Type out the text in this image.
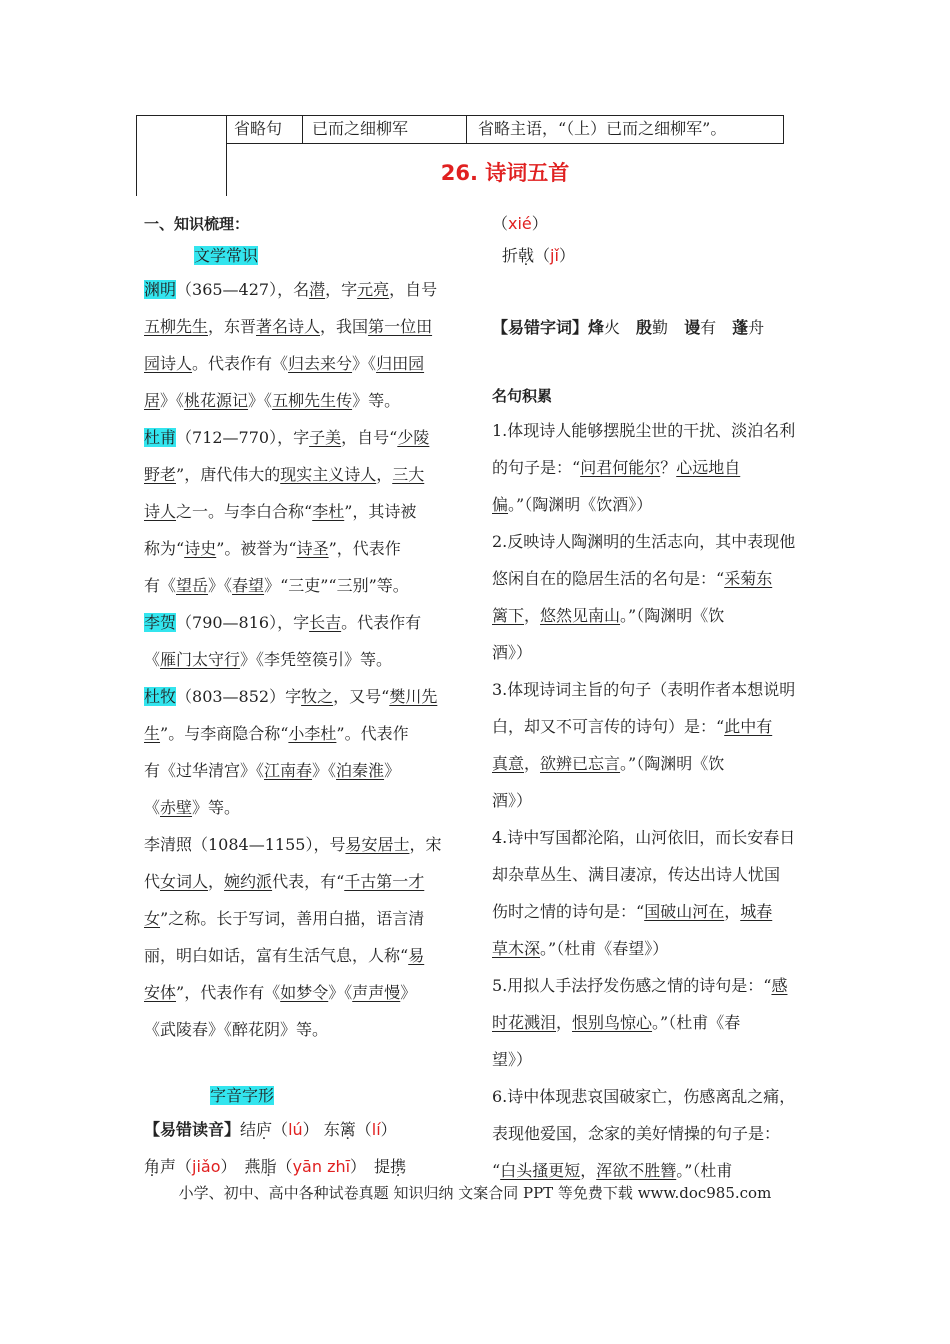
省略句 已而之细柳军	省略主语，“（上）已而之细柳军”。
26. 诗词五首
一、知识梳理：
文学常识
渊明（365—427），名潜，字元亮，自号
五柳先生，东晋著名诗人，我国第一位田
园诗人。代表作有《归去来兮》《归田园
居》《桃花源记》《五柳先生传》等。
杜甫（712—770），字子美，自号“少陵
野老”，唐代伟大的现实主义诗人，三大
诗人之一。与李白合称“李杜”，其诗被
称为“诗史”。被誉为“诗圣”，代表作
有《望岳》《春望》“三吏”“三别”等。
李贺（790—816），字长吉。代表作有
《雁门太守行》《李凭箜篌引》等。
杜牧（803—852）字牧之，又号“樊川先
生”。与李商隐合称“小李杜”。代表作
有《过华清宫》《江南春》《泊秦淮》
《赤壁》等。
李清照（1084—1155），号易安居士，宋
代女词人，婉约派代表，有“千古第一才
女”之称。长于写词，善用白描，语言清
丽，明白如话，富有生活气息，人称“易
安体”，代表作有《如梦令》《声声慢》
《武陵春》《醉花阴》等。
字音字形
【易错读音】结庐（lú） 东篱（lí）
角声（jiǎo）　燕脂（yān zhī）　提携
（xié）
折戟（jǐ）
【易错字词】烽火　殷勤　谩有　蓬舟
名句积累
1.体现诗人能够摆脱尘世的干扰、淡泊名利
的句子是：“问君何能尔？心远地自
偏。”（陶渊明《饮酒》）
2.反映诗人陶渊明的生活志向，其中表现他
悠闲自在的隐居生活的名句是：“采菊东
篱下，悠然见南山。”（陶渊明《饮
酒》）
3.体现诗词主旨的句子（表明作者本想说明
白，却又不可言传的诗句）是：“此中有
真意，欲辨已忘言。”（陶渊明《饮
酒》）
4.诗中写国都沦陷，山河依旧，而长安春日
却杂草丛生、满目凄凉，传达出诗人忧国
伤时之情的诗句是：“国破山河在，城春
草木深。”（杜甫《春望》）
5.用拟人手法抒发伤感之情的诗句是：“感
时花溅泪，恨别鸟惊心。”（杜甫《春
望》）
6.诗中体现悲哀国破家亡，伤感离乱之痛，
表现他爱国，念家的美好情操的句子是：
“白头搔更短，浑欲不胜簪。”（杜甫
小学、初中、高中各种试卷真题 知识归纳 文案合同 PPT 等免费下载 www.doc985.com
